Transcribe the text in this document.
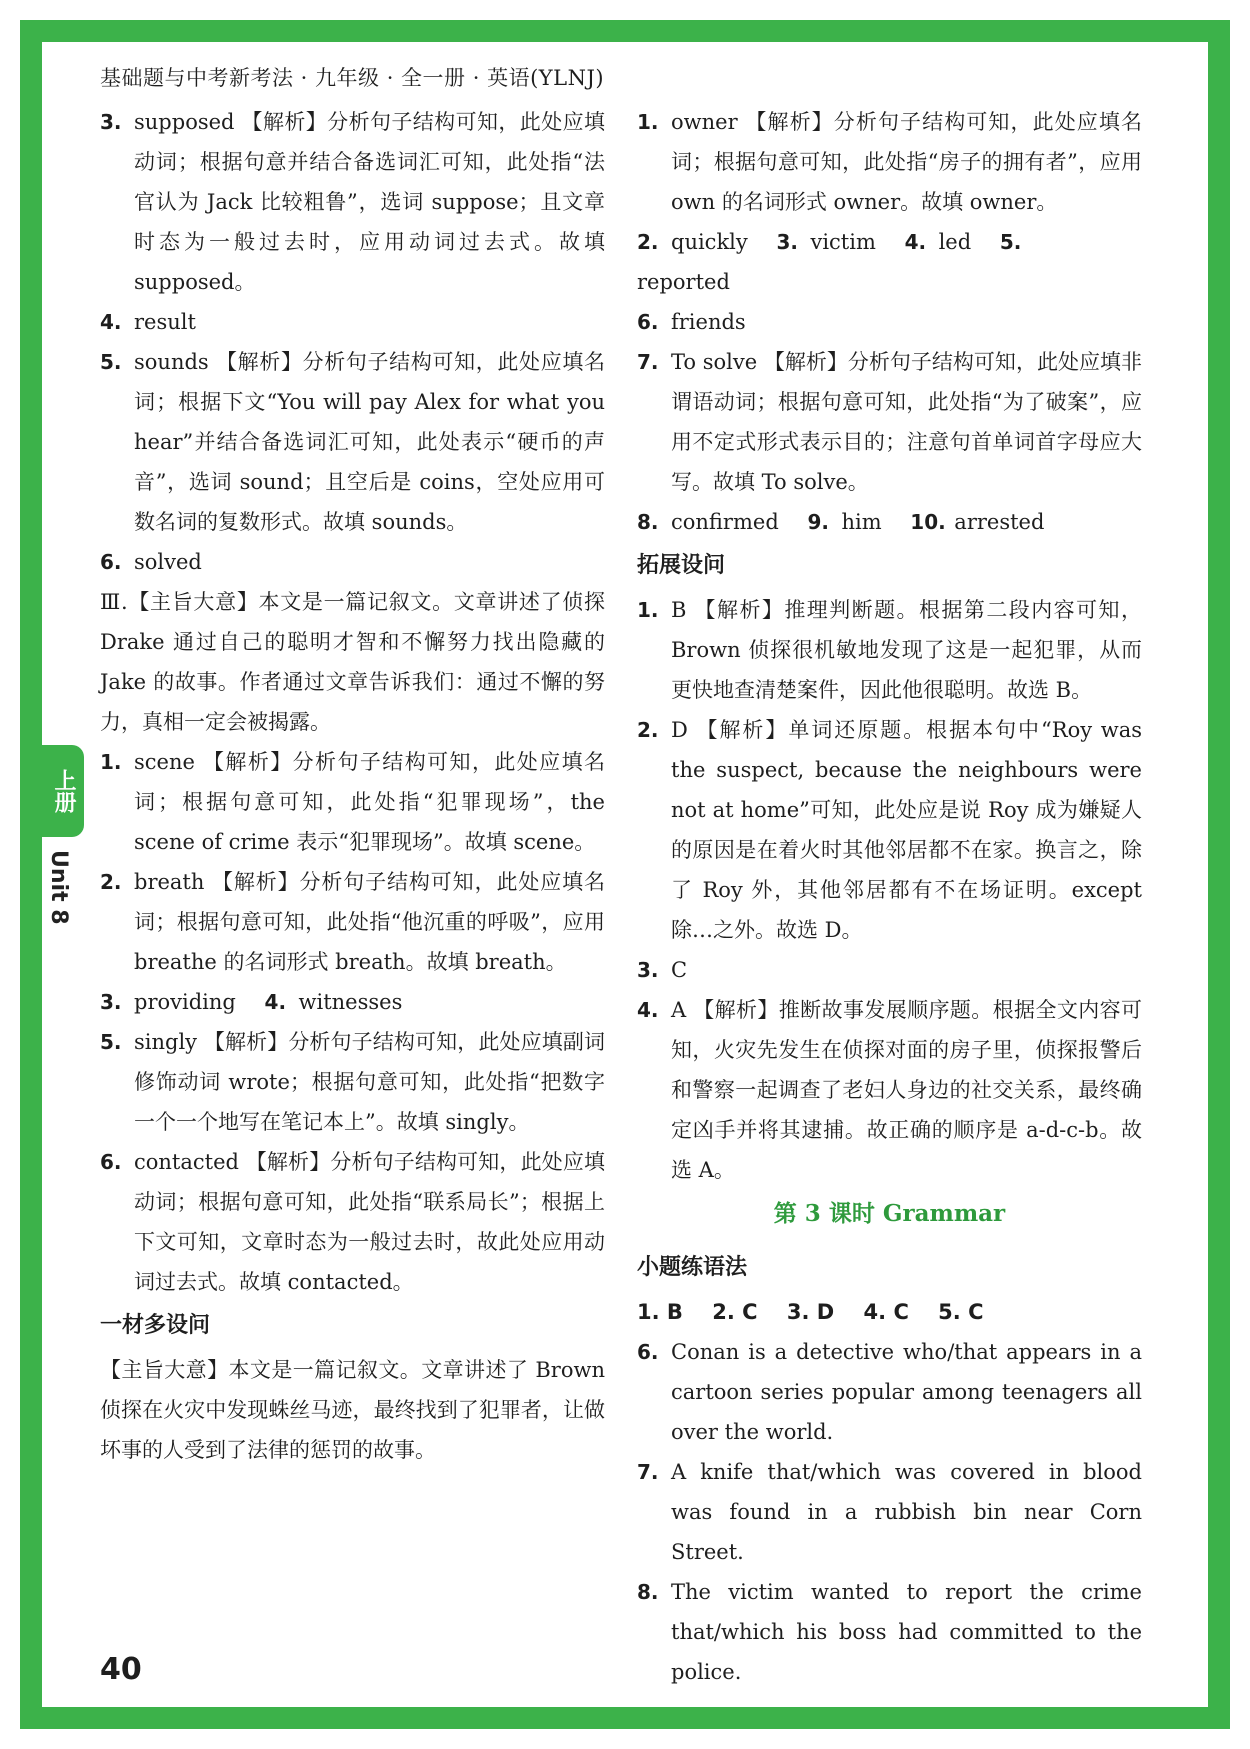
基础题与中考新考法 · 九年级 · 全一册 · 英语(YLNJ)
上册
Unit 8

3. supposed 【解析】分析句子结构可知，此处应填动词；根据句意并结合备选词汇可知，此处指“法官认为 Jack 比较粗鲁”，选词 suppose；且文章时态为一般过去时，应用动词过去式。故填 supposed。

4. result

5. sounds 【解析】分析句子结构可知，此处应填名词；根据下文“You will pay Alex for what you hear”并结合备选词汇可知，此处表示“硬币的声音”，选词 sound；且空后是 coins，空处应用可数名词的复数形式。故填 sounds。

6. solved

Ⅲ.【主旨大意】本文是一篇记叙文。文章讲述了侦探 Drake 通过自己的聪明才智和不懈努力找出隐藏的 Jake 的故事。作者通过文章告诉我们：通过不懈的努力，真相一定会被揭露。

1. scene 【解析】分析句子结构可知，此处应填名词；根据句意可知，此处指“犯罪现场”，the scene of crime 表示“犯罪现场”。故填 scene。

2. breath 【解析】分析句子结构可知，此处应填名词；根据句意可知，此处指“他沉重的呼吸”，应用 breathe 的名词形式 breath。故填 breath。

3. providing 4. witnesses

5. singly 【解析】分析句子结构可知，此处应填副词修饰动词 wrote；根据句意可知，此处指“把数字一个一个地写在笔记本上”。故填 singly。

6. contacted 【解析】分析句子结构可知，此处应填动词；根据句意可知，此处指“联系局长”；根据上下文可知，文章时态为一般过去时，故此处应用动词过去式。故填 contacted。

一材多设问

【主旨大意】本文是一篇记叙文。文章讲述了 Brown 侦探在火灾中发现蛛丝马迹，最终找到了犯罪者，让做坏事的人受到了法律的惩罚的故事。

1. owner 【解析】分析句子结构可知，此处应填名词；根据句意可知，此处指“房子的拥有者”，应用 own 的名词形式 owner。故填 owner。

2. quickly 3. victim 4. led 5.reported

6. friends

7. To solve 【解析】分析句子结构可知，此处应填非谓语动词；根据句意可知，此处指“为了破案”，应用不定式形式表示目的；注意句首单词首字母应大写。故填 To solve。

8. confirmed 9. him 10. arrested

拓展设问

1. B 【解析】推理判断题。根据第二段内容可知，Brown 侦探很机敏地发现了这是一起犯罪，从而更快地查清楚案件，因此他很聪明。故选 B。

2. D 【解析】单词还原题。根据本句中“Roy was the suspect, because the neighbours were not at home”可知，此处应是说 Roy 成为嫌疑人的原因是在着火时其他邻居都不在家。换言之，除了 Roy 外，其他邻居都有不在场证明。except 除…之外。故选 D。

3. C

4. A 【解析】推断故事发展顺序题。根据全文内容可知，火灾先发生在侦探对面的房子里，侦探报警后和警察一起调查了老妇人身边的社交关系，最终确定凶手并将其逮捕。故正确的顺序是 a-d-c-b。故选 A。

第 3 课时 Grammar
小题练语法

1. B 2. C 3. D 4. C 5. C

6. Conan is a detective who/that appears in a cartoon series popular among teenagers all over the world.

7. A knife that/which was covered in blood was found in a rubbish bin near Corn Street.

8. The victim wanted to report the crime that/which his boss had committed to the police.

40
